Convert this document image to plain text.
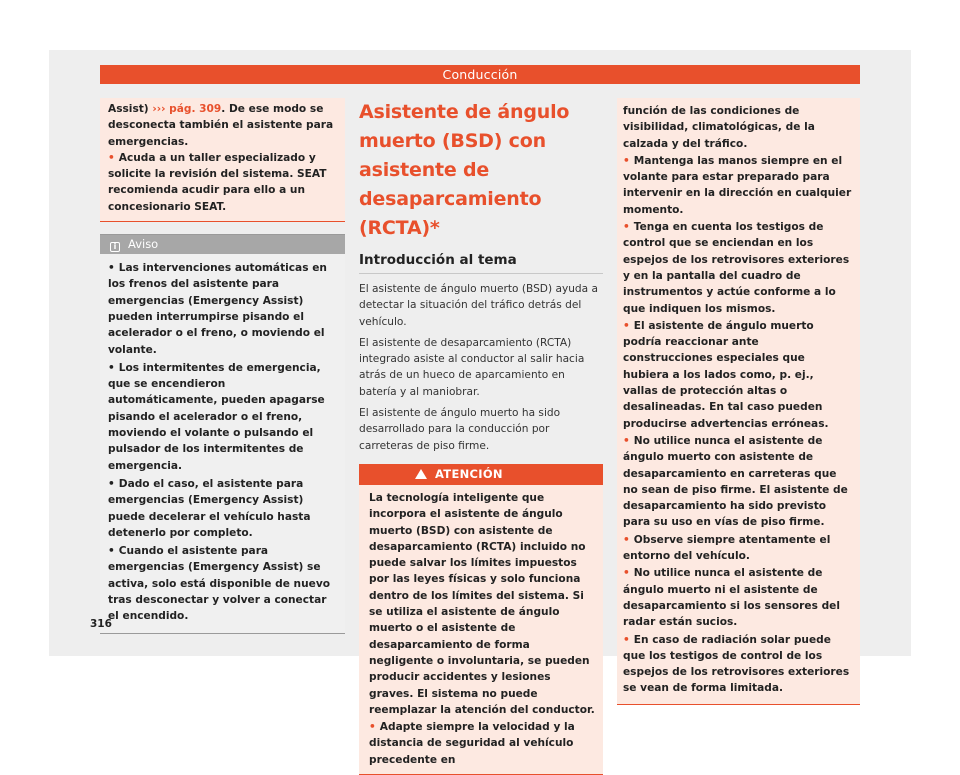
Conducción

Assist) ››› pág. 309. De ese modo se desconecta también el asistente para emergencias.

• Acuda a un taller especializado y solicite la revisión del sistema. SEAT recomienda acudir para ello a un concesionario SEAT.

i Aviso

• Las intervenciones automáticas en los frenos del asistente para emergencias (Emergency Assist) pueden interrumpirse pisando el acelerador o el freno, o moviendo el volante.

• Los intermitentes de emergencia, que se encendieron automáticamente, pueden apagarse pisando el acelerador o el freno, moviendo el volante o pulsando el pulsador de los intermitentes de emergencia.

• Dado el caso, el asistente para emergencias (Emergency Assist) puede decelerar el vehículo hasta detenerlo por completo.

• Cuando el asistente para emergencias (Emergency Assist) se activa, solo está disponible de nuevo tras desconectar y volver a conectar el encendido.

Asistente de ángulo muerto (BSD) con asistente de desaparcamiento (RCTA)*
Introducción al tema

El asistente de ángulo muerto (BSD) ayuda a detectar la situación del tráfico detrás del vehículo.

El asistente de desaparcamiento (RCTA) integrado asiste al conductor al salir hacia atrás de un hueco de aparcamiento en batería y al maniobrar.

El asistente de ángulo muerto ha sido desarrollado para la conducción por carreteras de piso firme.

ATENCIÓN

La tecnología inteligente que incorpora el asistente de ángulo muerto (BSD) con asistente de desaparcamiento (RCTA) incluido no puede salvar los límites impuestos por las leyes físicas y solo funciona dentro de los límites del sistema. Si se utiliza el asistente de ángulo muerto o el asistente de desaparcamiento de forma negligente o involuntaria, se pueden producir accidentes y lesiones graves. El sistema no puede reemplazar la atención del conductor.

• Adapte siempre la velocidad y la distancia de seguridad al vehículo precedente en

función de las condiciones de visibilidad, climatológicas, de la calzada y del tráfico.

• Mantenga las manos siempre en el volante para estar preparado para intervenir en la dirección en cualquier momento.

• Tenga en cuenta los testigos de control que se enciendan en los espejos de los retrovisores exteriores y en la pantalla del cuadro de instrumentos y actúe conforme a lo que indiquen los mismos.

• El asistente de ángulo muerto podría reaccionar ante construcciones especiales que hubiera a los lados como, p. ej., vallas de protección altas o desalineadas. En tal caso pueden producirse advertencias erróneas.

• No utilice nunca el asistente de ángulo muerto con asistente de desaparcamiento en carreteras que no sean de piso firme. El asistente de desaparcamiento ha sido previsto para su uso en vías de piso firme.

• Observe siempre atentamente el entorno del vehículo.

• No utilice nunca el asistente de ángulo muerto ni el asistente de desaparcamiento si los sensores del radar están sucios.

• En caso de radiación solar puede que los testigos de control de los espejos de los retrovisores exteriores se vean de forma limitada.

316
